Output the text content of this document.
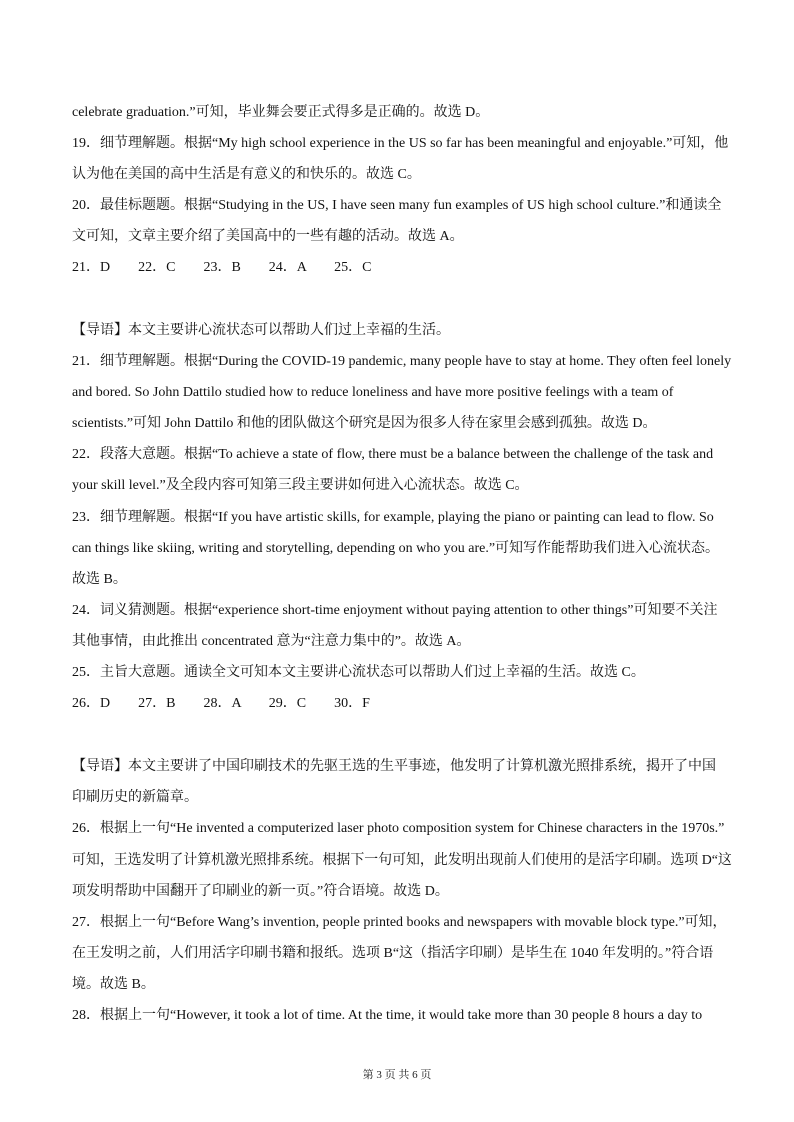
celebrate graduation.”可知，毕业舞会要正式得多是正确的。故选 D。
19．细节理解题。根据“My high school experience in the US so far has been meaningful and enjoyable.”可知，他
认为他在美国的高中生活是有意义的和快乐的。故选 C。
20．最佳标题题。根据“Studying in the US, I have seen many fun examples of US high school culture.”和通读全
文可知，文章主要介绍了美国高中的一些有趣的活动。故选 A。
21．D　　22．C　　23．B　　24．A　　25．C
【导语】本文主要讲心流状态可以帮助人们过上幸福的生活。
21．细节理解题。根据“During the COVID-19 pandemic, many people have to stay at home. They often feel lonely
and bored. So John Dattilo studied how to reduce loneliness and have more positive feelings with a team of
scientists.”可知 John Dattilo 和他的团队做这个研究是因为很多人待在家里会感到孤独。故选 D。
22．段落大意题。根据“To achieve a state of flow, there must be a balance between the challenge of the task and
your skill level.”及全段内容可知第三段主要讲如何进入心流状态。故选 C。
23．细节理解题。根据“If you have artistic skills, for example, playing the piano or painting can lead to flow. So
can things like skiing, writing and storytelling, depending on who you are.”可知写作能帮助我们进入心流状态。
故选 B。
24．词义猜测题。根据“experience short-time enjoyment without paying attention to other things”可知要不关注
其他事情，由此推出 concentrated 意为“注意力集中的”。故选 A。
25．主旨大意题。通读全文可知本文主要讲心流状态可以帮助人们过上幸福的生活。故选 C。
26．D　　27．B　　28．A　　29．C　　30．F
【导语】本文主要讲了中国印刷技术的先驱王选的生平事迹，他发明了计算机激光照排系统，揭开了中国
印刷历史的新篇章。
26．根据上一句“He invented a computerized laser photo composition system for Chinese characters in the 1970s.”
可知，王选发明了计算机激光照排系统。根据下一句可知，此发明出现前人们使用的是活字印刷。选项 D“这
项发明帮助中国翻开了印刷业的新一页。”符合语境。故选 D。
27．根据上一句“Before Wang’s invention, people printed books and newspapers with movable block type.”可知，
在王发明之前，人们用活字印刷书籍和报纸。选项 B“这（指活字印刷）是毕生在 1040 年发明的。”符合语
境。故选 B。
28．根据上一句“However, it took a lot of time. At the time, it would take more than 30 people 8 hours a day to
第 3 页 共 6 页
